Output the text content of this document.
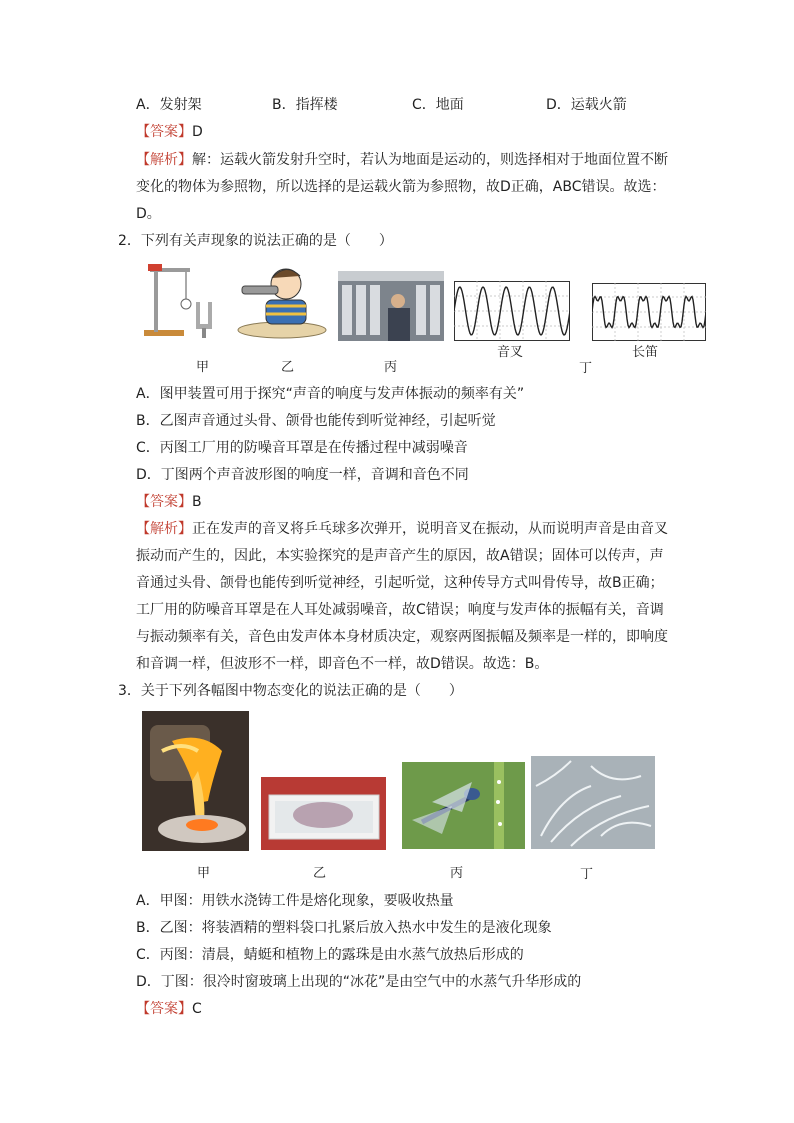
A．发射架	B．指挥楼	C．地面	D．运载火箭
【答案】D
【解析】解：运载火箭发射升空时，若认为地面是运动的，则选择相对于地面位置不断
变化的物体为参照物，所以选择的是运载火箭为参照物，故D正确，ABC错误。故选：
D。
2．下列有关声现象的说法正确的是（　　）
甲	乙	丙
音叉
丁
长笛
A．图甲装置可用于探究“声音的响度与发声体振动的频率有关”
B．乙图声音通过头骨、颌骨也能传到听觉神经，引起听觉
C．丙图工厂用的防噪音耳罩是在传播过程中减弱噪音
D．丁图两个声音波形图的响度一样，音调和音色不同
【答案】B
【解析】正在发声的音叉将乒乓球多次弹开，说明音叉在振动，从而说明声音是由音叉
振动而产生的，因此，本实验探究的是声音产生的原因，故A错误；固体可以传声，声
音通过头骨、颌骨也能传到听觉神经，引起听觉，这种传导方式叫骨传导，故B正确；
工厂用的防噪音耳罩是在人耳处减弱噪音，故C错误；响度与发声体的振幅有关，音调
与振动频率有关，音色由发声体本身材质决定，观察两图振幅及频率是一样的，即响度
和音调一样，但波形不一样，即音色不一样，故D错误。故选：B。
3．关于下列各幅图中物态变化的说法正确的是（　　）
甲	乙	丙	丁
A．甲图：用铁水浇铸工件是熔化现象，要吸收热量
B．乙图：将装酒精的塑料袋口扎紧后放入热水中发生的是液化现象
C．丙图：清晨，蜻蜓和植物上的露珠是由水蒸气放热后形成的
D．丁图：很冷时窗玻璃上出现的“冰花”是由空气中的水蒸气升华形成的
【答案】C
